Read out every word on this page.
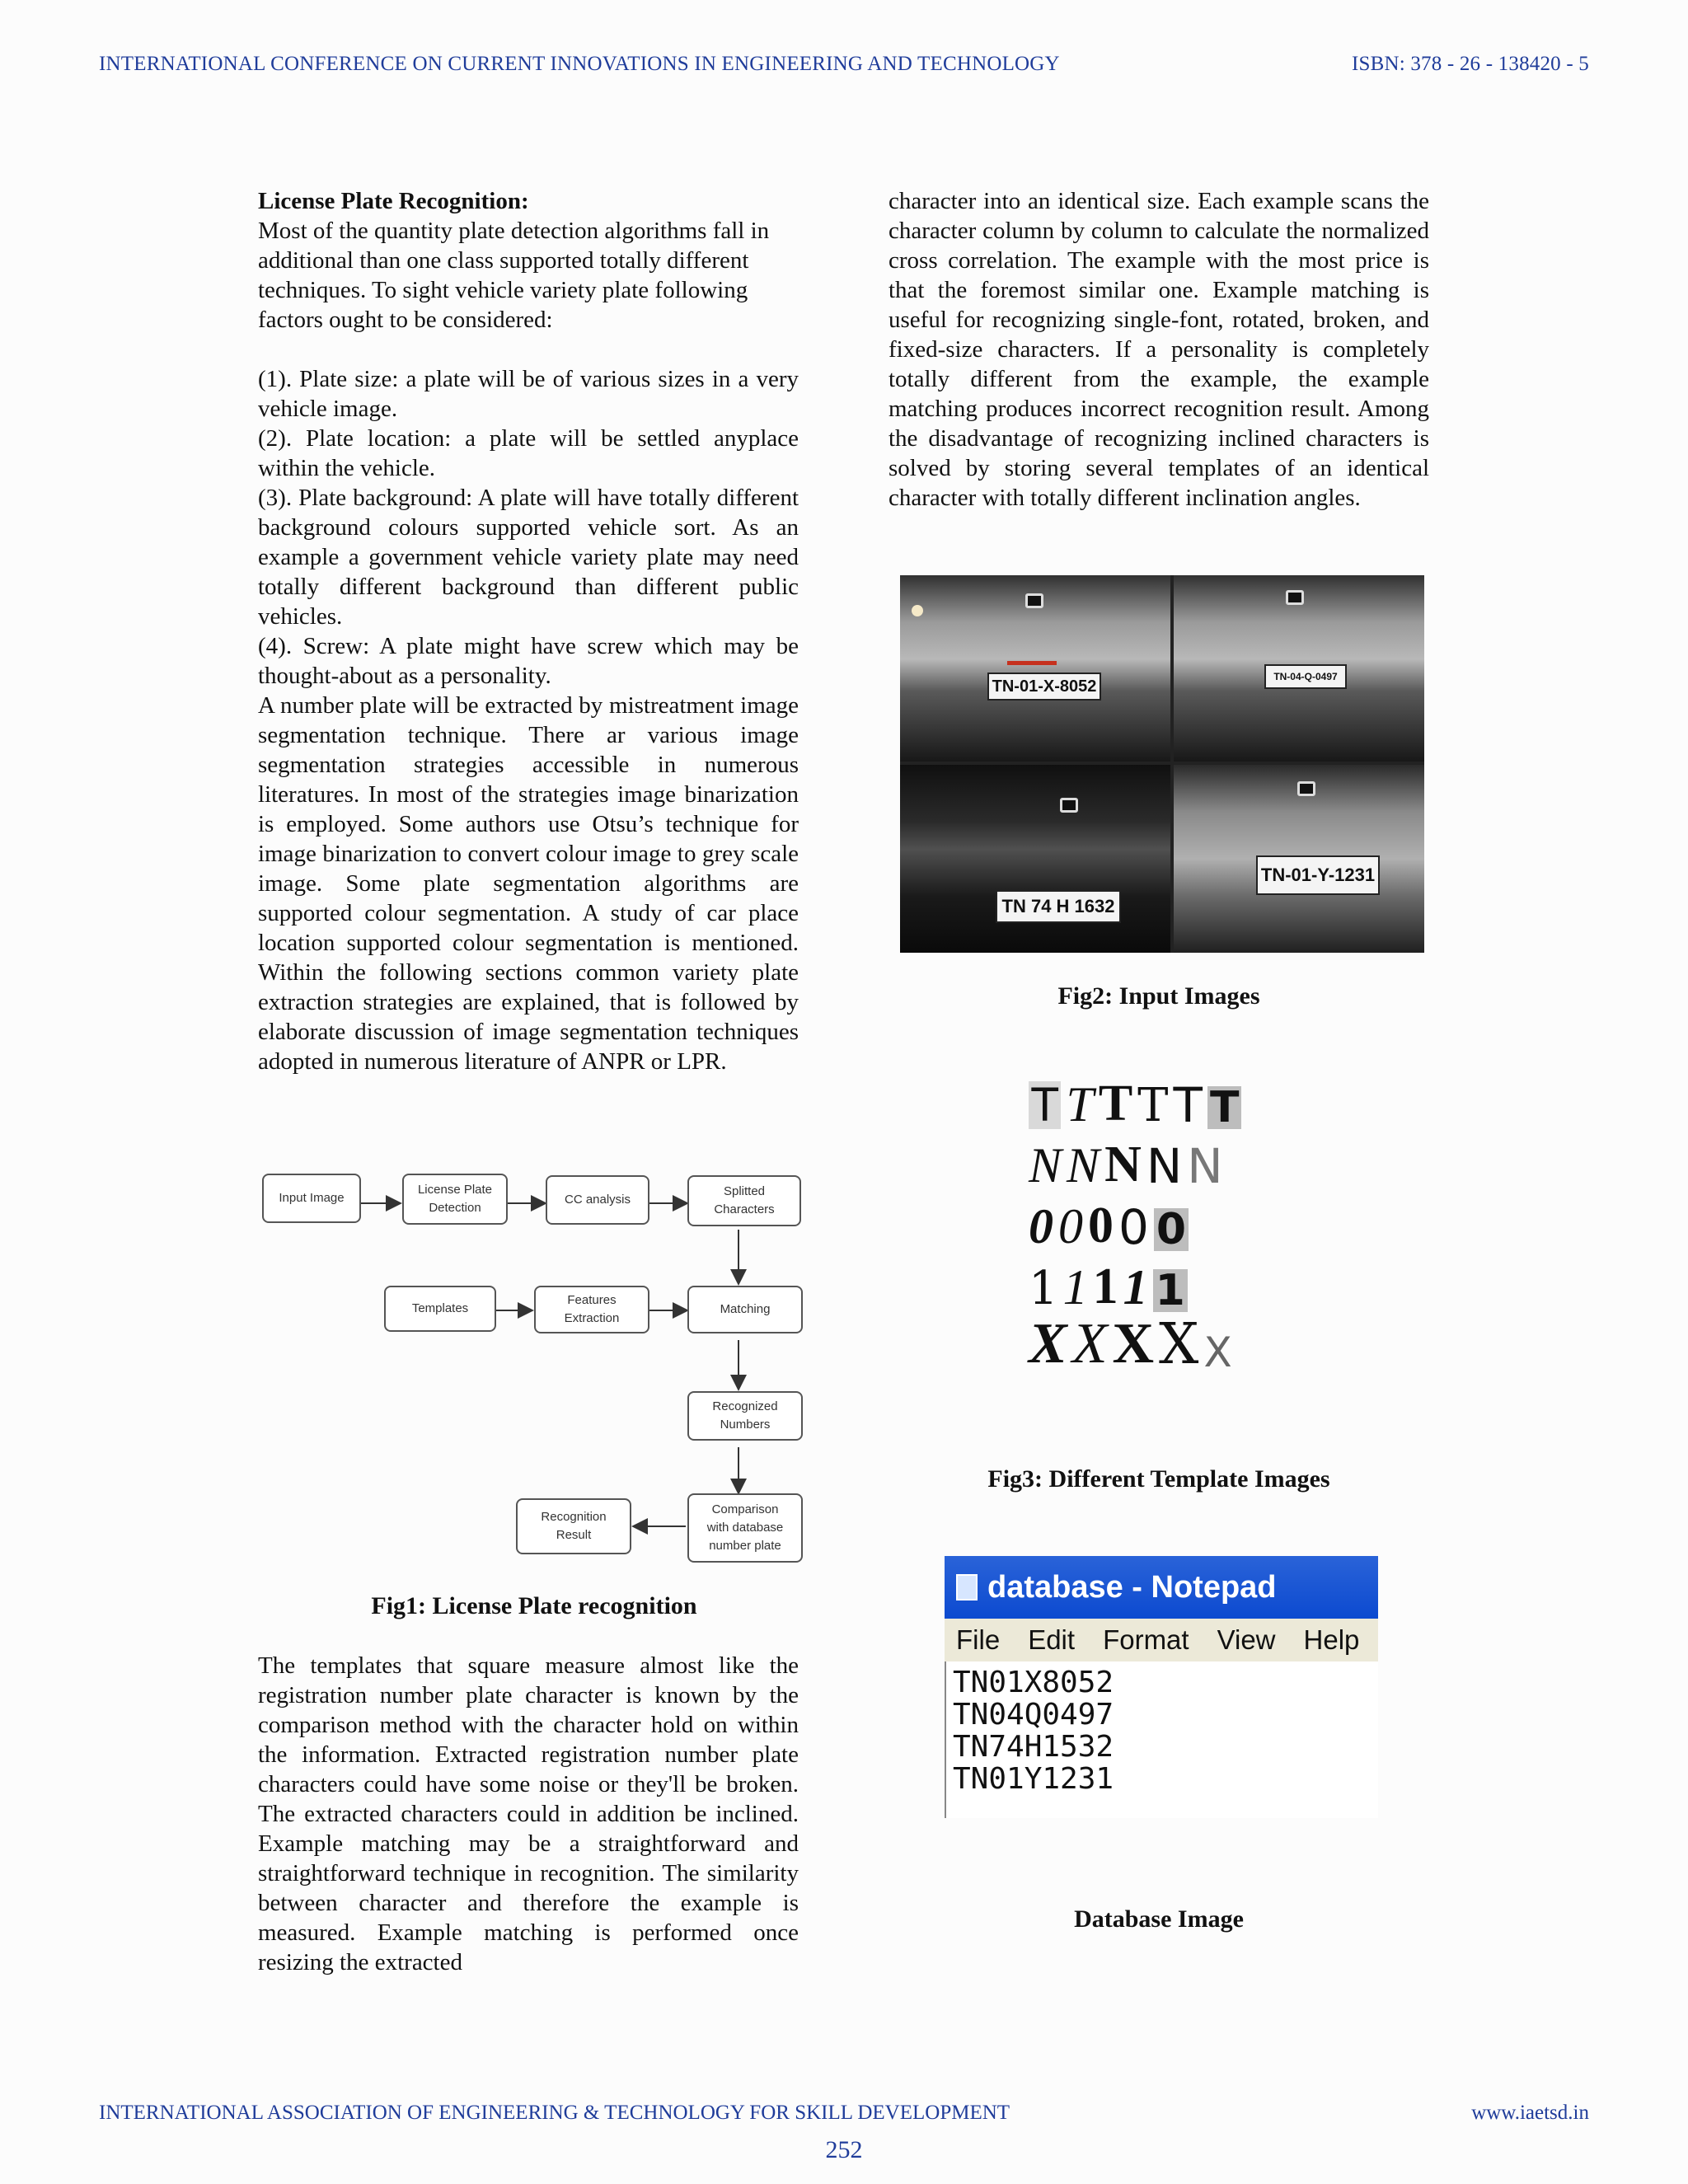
INTERNATIONAL CONFERENCE ON CURRENT INNOVATIONS IN ENGINEERING AND TECHNOLOGY	ISBN: 378 - 26 - 138420 - 5

License Plate Recognition:

Most of the quantity plate detection algorithms fall in additional than one class supported totally different techniques. To sight vehicle variety plate following factors ought to be considered:

(1). Plate size: a plate will be of various sizes in a very vehicle image.

(2). Plate location: a plate will be settled anyplace within the vehicle.

(3). Plate background: A plate will have totally different background colours supported vehicle sort. As an example a government vehicle variety plate may need totally different background than different public vehicles.

(4). Screw: A plate might have screw which may be thought-about as a personality.

A number plate will be extracted by mistreatment image segmentation technique. There ar various image segmentation strategies accessible in numerous literatures. In most of the strategies image binarization is employed. Some authors use Otsu’s technique for image binarization to convert colour image to grey scale image. Some plate segmentation algorithms are supported colour segmentation. A study of car place location supported colour segmentation is mentioned. Within the following sections common variety plate extraction strategies are explained, that is followed by elaborate discussion of image segmentation techniques adopted in numerous literature of ANPR or LPR.

Input Image
License Plate
Detection
CC analysis
Splitted
Characters
Templates
Features
Extraction
Matching
Recognized
Numbers
Comparison
with database
number plate
Recognition
Result
Fig1: License Plate recognition

The templates that square measure almost like the registration number plate character is known by the comparison method with the character hold on within the information. Extracted registration number plate characters could have some noise or they'll be broken. The extracted characters could in addition be inclined. Example matching may be a straightforward and straightforward technique in recognition. The similarity between character and therefore the example is measured. Example matching is performed once resizing the extracted

character into an identical size. Each example scans the character column by column to calculate the normalized cross correlation. The example with the most price is that the foremost similar one. Example matching is useful for recognizing single-font, rotated, broken, and fixed-size characters. If a personality is completely totally different from the example, the example matching produces incorrect recognition result. Among the disadvantage of recognizing inclined characters is solved by storing several templates of an identical character with totally different inclination angles.

TN-01-X-8052
TN-04-Q-0497
TN 74 H 1632
TN-01-Y-1231
Fig2: Input Images
T T T T T T
N N N N N
0 0 0 0 0
1 1 1 1 1
X X X X X
Fig3: Different Template Images
database - Notepad
File Edit Format View Help
TN01X8052
TN04Q0497
TN74H1532
TN01Y1231
Database Image
INTERNATIONAL ASSOCIATION OF ENGINEERING & TECHNOLOGY FOR SKILL DEVELOPMENT	www.iaetsd.in
252
